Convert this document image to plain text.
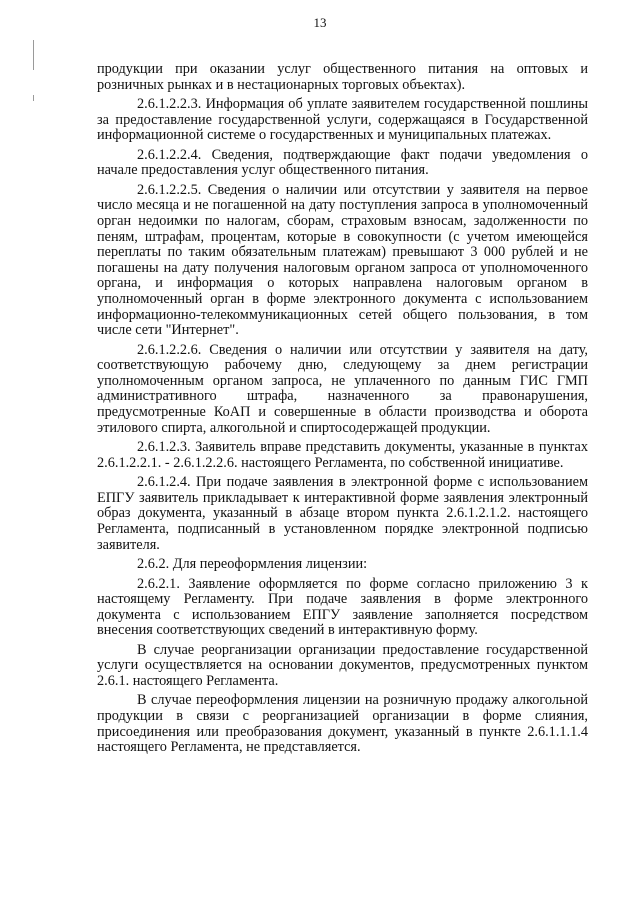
13

продукции при оказании услуг общественного питания на оптовых и розничных рынках и в нестационарных торговых объектах).

2.6.1.2.2.3. Информация об уплате заявителем государственной пошлины за предоставление государственной услуги, содержащаяся в Государственной информационной системе о государственных и муниципальных платежах.

2.6.1.2.2.4. Сведения, подтверждающие факт подачи уведомления о начале предоставления услуг общественного питания.

2.6.1.2.2.5. Сведения о наличии или отсутствии у заявителя на первое число месяца и не погашенной на дату поступления запроса в уполномоченный орган недоимки по налогам, сборам, страховым взносам, задолженности по пеням, штрафам, процентам, которые в совокупности (с учетом имеющейся переплаты по таким обязательным платежам) превышают 3 000 рублей и не погашены на дату получения налоговым органом запроса от уполномоченного органа, и информация о которых направлена налоговым органом в уполномоченный орган в форме электронного документа с использованием информационно-телекоммуникационных сетей общего пользования, в том числе сети "Интернет".

2.6.1.2.2.6. Сведения о наличии или отсутствии у заявителя на дату, соответствующую рабочему дню, следующему за днем регистрации уполномоченным органом запроса, не уплаченного по данным ГИС ГМП административного штрафа, назначенного за правонарушения, предусмотренные КоАП и совершенные в области производства и оборота этилового спирта, алкогольной и спиртосодержащей продукции.

2.6.1.2.3. Заявитель вправе представить документы, указанные в пунктах 2.6.1.2.2.1. - 2.6.1.2.2.6. настоящего Регламента, по собственной инициативе.

2.6.1.2.4. При подаче заявления в электронной форме с использованием ЕПГУ заявитель прикладывает к интерактивной форме заявления электронный образ документа, указанный в абзаце втором пункта 2.6.1.2.1.2. настоящего Регламента, подписанный в установленном порядке электронной подписью заявителя.

2.6.2. Для переоформления лицензии:

2.6.2.1. Заявление оформляется по форме согласно приложению 3 к настоящему Регламенту. При подаче заявления в форме электронного документа с использованием ЕПГУ заявление заполняется посредством внесения соответствующих сведений в интерактивную форму.

В случае реорганизации организации предоставление государственной услуги осуществляется на основании документов, предусмотренных пунктом 2.6.1. настоящего Регламента.

В случае переоформления лицензии на розничную продажу алкогольной продукции в связи с реорганизацией организации в форме слияния, присоединения или преобразования документ, указанный в пункте 2.6.1.1.1.4 настоящего Регламента, не представляется.
